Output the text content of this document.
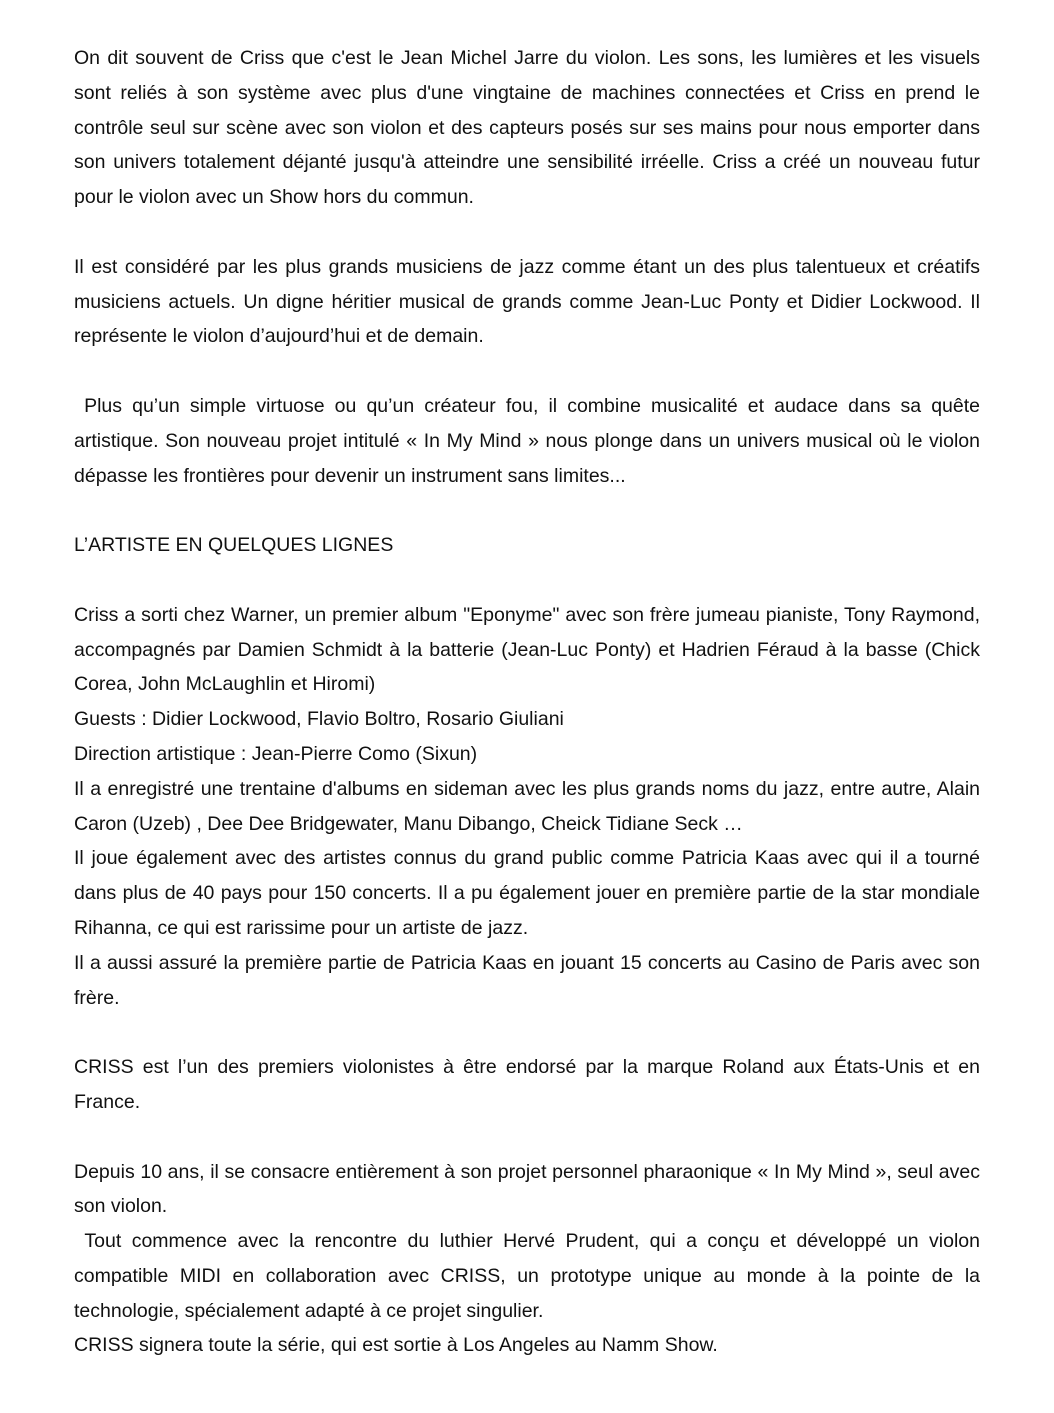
On dit souvent de Criss que c'est le Jean Michel Jarre du violon. Les sons, les lumières et les visuels sont reliés à son système avec plus d'une vingtaine de machines connectées et Criss en prend le contrôle seul sur scène avec son violon et des capteurs posés sur ses mains pour nous emporter dans son univers totalement déjanté jusqu'à atteindre une sensibilité irréelle. Criss a créé un nouveau futur pour le violon avec un Show hors du commun.

Il est considéré par les plus grands musiciens de jazz comme étant un des plus talentueux et créatifs musiciens actuels. Un digne héritier musical de grands comme Jean-Luc Ponty et Didier Lockwood. Il représente le violon d’aujourd’hui et de demain.

Plus qu’un simple virtuose ou qu’un créateur fou, il combine musicalité et audace dans sa quête artistique. Son nouveau projet intitulé « In My Mind » nous plonge dans un univers musical où le violon dépasse les frontières pour devenir un instrument sans limites...

L’ARTISTE EN QUELQUES LIGNES

Criss a sorti chez Warner, un premier album "Eponyme" avec son frère jumeau pianiste, Tony Raymond, accompagnés par Damien Schmidt à la batterie (Jean-Luc Ponty) et Hadrien Féraud à la basse (Chick Corea, John McLaughlin et Hiromi)

Guests : Didier Lockwood, Flavio Boltro, Rosario Giuliani

Direction artistique : Jean-Pierre Como (Sixun)

Il a enregistré une trentaine d'albums en sideman avec les plus grands noms du jazz, entre autre, Alain Caron (Uzeb) , Dee Dee Bridgewater, Manu Dibango, Cheick Tidiane Seck …

Il joue également avec des artistes connus du grand public comme Patricia Kaas avec qui il a tourné dans plus de 40 pays pour 150 concerts. Il a pu également jouer en première partie de la star mondiale Rihanna, ce qui est rarissime pour un artiste de jazz.

Il a aussi assuré la première partie de Patricia Kaas en jouant 15 concerts au Casino de Paris avec son frère.

CRISS est l’un des premiers violonistes à être endorsé par la marque Roland aux États-Unis et en France.

Depuis 10 ans, il se consacre entièrement à son projet personnel pharaonique « In My Mind », seul avec son violon.

Tout commence avec la rencontre du luthier Hervé Prudent, qui a conçu et développé un violon compatible MIDI en collaboration avec CRISS, un prototype unique au monde à la pointe de la technologie, spécialement adapté à ce projet singulier.

CRISS signera toute la série, qui est sortie à Los Angeles au Namm Show.
